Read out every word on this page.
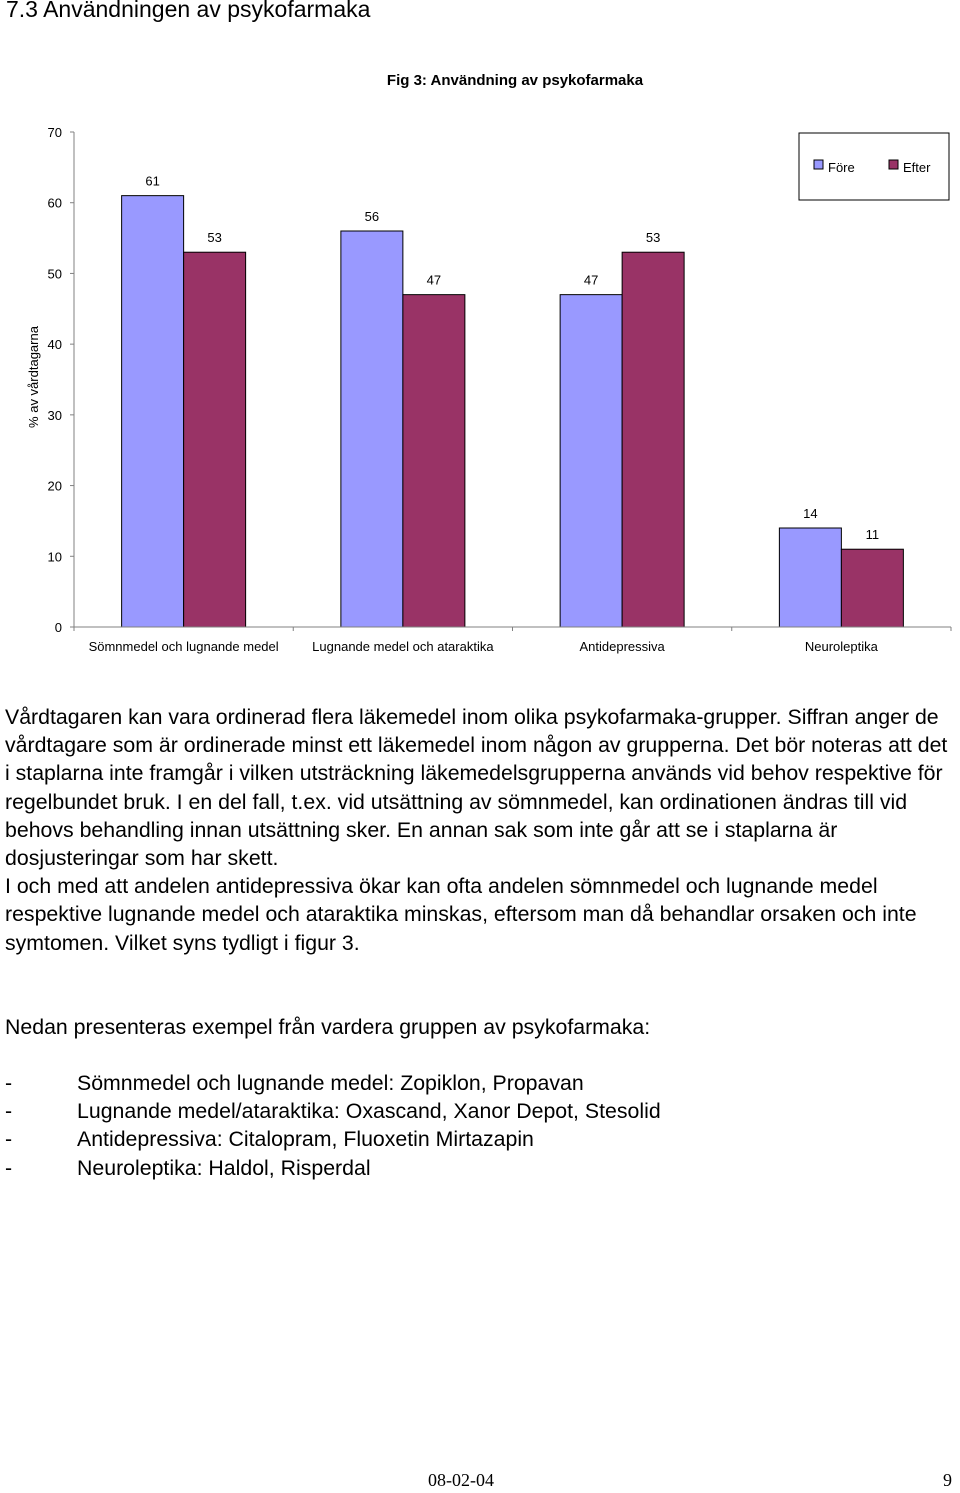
7.3 Användningen av psykofarmaka
Fig 3: Användning av psykofarmaka
% av vårdtagarna
0
10
20
30
40
50
60
70
61
53
56
47	47
53
14
11
Sömnmedel och lugnande medel	Lugnande medel och ataraktika	Antidepressiva	Neuroleptika
Före	Efter

Vårdtagaren kan vara ordinerad flera läkemedel inom olika psykofarmaka-grupper. Siffran anger de vårdtagare som är ordinerade minst ett läkemedel inom någon av grupperna. Det bör noteras att det i staplarna inte framgår i vilken utsträckning läkemedelsgrupperna används vid behov respektive för regelbundet bruk. I en del fall, t.ex. vid utsättning av sömnmedel, kan ordinationen ändras till vid behovs behandling innan utsättning sker. En annan sak som inte går att se i staplarna är dosjusteringar som har skett.
I och med att andelen antidepressiva ökar kan ofta andelen sömnmedel och lugnande medel respektive lugnande medel och ataraktika minskas, eftersom man då behandlar orsaken och inte symtomen. Vilket syns tydligt i figur 3.

Nedan presenteras exempel från vardera gruppen av psykofarmaka:

-	Sömnmedel och lugnande medel: Zopiklon, Propavan
-	Lugnande medel/ataraktika: Oxascand, Xanor Depot, Stesolid
-	Antidepressiva: Citalopram, Fluoxetin Mirtazapin
-	Neuroleptika: Haldol, Risperdal
08-02-04	9
